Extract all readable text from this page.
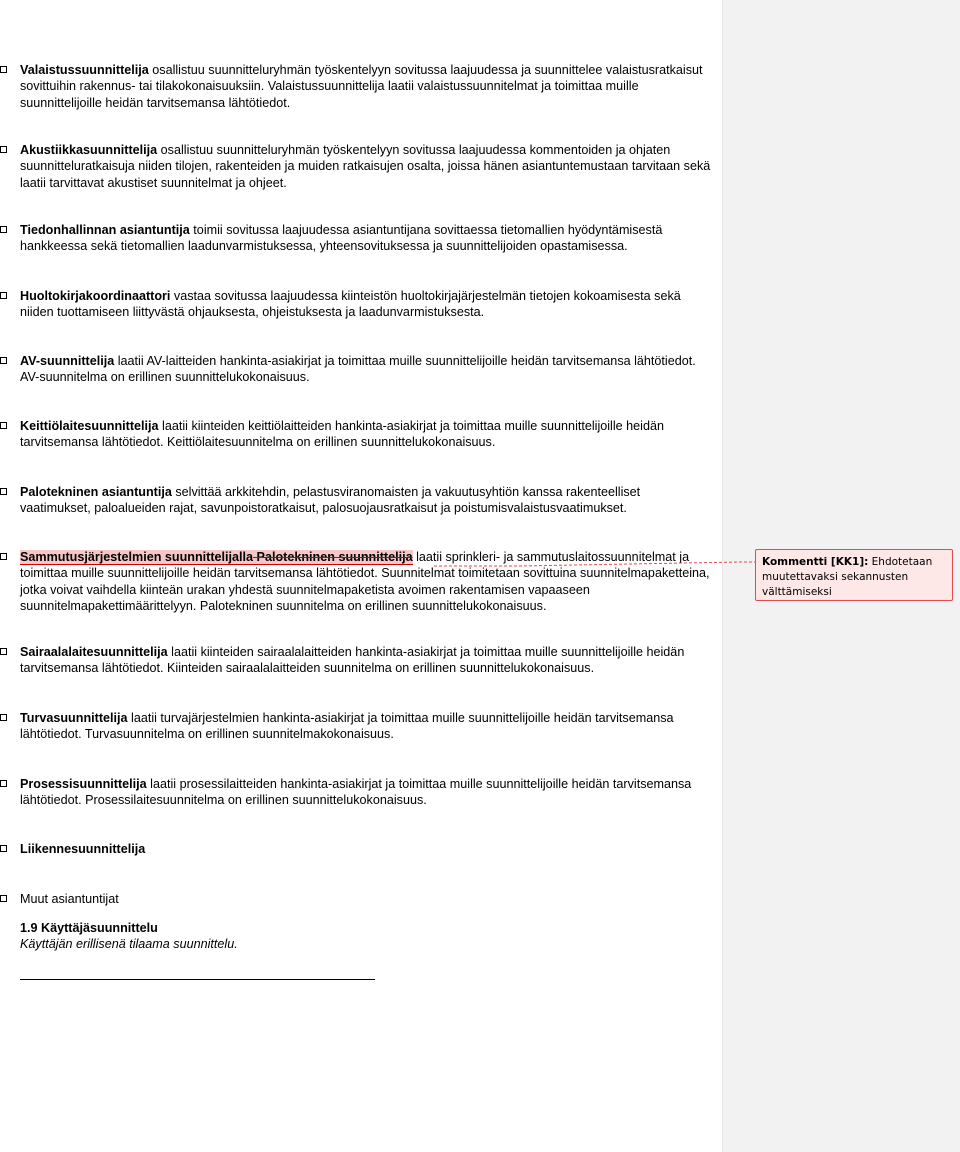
Valaistussuunnittelija osallistuu suunnitteluryhmän työskentelyyn sovitussa laajuudessa ja suunnittelee valaistusratkaisut sovittuihin rakennus- tai tilakokonaisuuksiin. Valaistussuunnittelija laatii valaistussuunnitelmat ja toimittaa muille suunnittelijoille heidän tarvitsemansa lähtötiedot.
Akustiikkasuunnittelija osallistuu suunnitteluryhmän työskentelyyn sovitussa laajuudessa kommentoiden ja ohjaten suunnitteluratkaisuja niiden tilojen, rakenteiden ja muiden ratkaisujen osalta, joissa hänen asiantuntemustaan tarvitaan sekä laatii tarvittavat akustiset suunnitelmat ja ohjeet.
Tiedonhallinnan asiantuntija toimii sovitussa laajuudessa asiantuntijana sovittaessa tietomallien hyödyntämisestä hankkeessa sekä tietomallien laadunvarmistuksessa, yhteensovituksessa ja suunnittelijoiden opastamisessa.
Huoltokirjakoordinaattori vastaa sovitussa laajuudessa kiinteistön huoltokirjajärjestelmän tietojen kokoamisesta sekä niiden tuottamiseen liittyvästä ohjauksesta, ohjeistuksesta ja laadunvarmistuksesta.
AV-suunnittelija laatii AV-laitteiden hankinta-asiakirjat ja toimittaa muille suunnittelijoille heidän tarvitsemansa lähtötiedot. AV-suunnitelma on erillinen suunnittelukokonaisuus.
Keittiölaitesuunnittelija laatii kiinteiden keittiölaitteiden hankinta-asiakirjat ja toimittaa muille suunnittelijoille heidän tarvitsemansa lähtötiedot. Keittiölaitesuunnitelma on erillinen suunnittelukokonaisuus.
Palotekninen asiantuntija selvittää arkkitehdin, pelastusviranomaisten ja vakuutusyhtiön kanssa rakenteelliset vaatimukset, paloalueiden rajat, savunpoistoratkaisut, palosuojausratkaisut ja poistumisvalaistusvaatimukset.
Sammutusjärjestelmien suunnittelijalla Palotekninen suunnittelija laatii sprinkleri- ja sammutuslaitossuunnitelmat ja toimittaa muille suunnittelijoille heidän tarvitsemansa lähtötiedot. Suunnitelmat toimitetaan sovittuina suunnitelmapaketteina, jotka voivat vaihdella kiinteän urakan yhdestä suunnitelmapaketista avoimen rakentamisen vapaaseen suunnitelmapakettimäärittelyyn. Palotekninen suunnitelma on erillinen suunnittelukokonaisuus.
Sairaalalaitesuunnittelija laatii kiinteiden sairaalalaitteiden hankinta-asiakirjat ja toimittaa muille suunnittelijoille heidän tarvitsemansa lähtötiedot. Kiinteiden sairaalalaitteiden suunnitelma on erillinen suunnittelukokonaisuus.
Turvasuunnittelija laatii turvajärjestelmien hankinta-asiakirjat ja toimittaa muille suunnittelijoille heidän tarvitsemansa lähtötiedot. Turvasuunnitelma on erillinen suunnitelmakokonaisuus.
Prosessisuunnittelija laatii prosessilaitteiden hankinta-asiakirjat ja toimittaa muille suunnittelijoille heidän tarvitsemansa lähtötiedot. Prosessilaitesuunnitelma on erillinen suunnittelukokonaisuus.
Liikennesuunnittelija
Muut asiantuntijat
1.9 Käyttäjäsuunnittelu
Käyttäjän erillisenä tilaama suunnittelu.
Kommentti [KK1]: Ehdotetaan muutettavaksi sekannusten välttämiseksi
